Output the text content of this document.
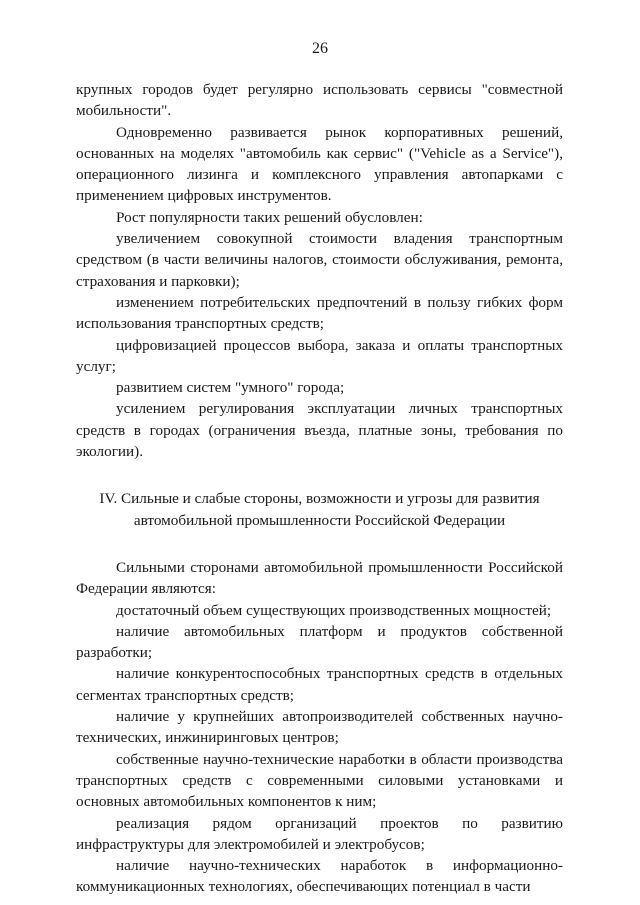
26

крупных городов будет регулярно использовать сервисы "совместной мобильности".

Одновременно развивается рынок корпоративных решений, основанных на моделях "автомобиль как сервис" ("Vehicle as a Service"), операционного лизинга и комплексного управления автопарками с применением цифровых инструментов.

Рост популярности таких решений обусловлен:

увеличением совокупной стоимости владения транспортным средством (в части величины налогов, стоимости обслуживания, ремонта, страхования и парковки);

изменением потребительских предпочтений в пользу гибких форм использования транспортных средств;

цифровизацией процессов выбора, заказа и оплаты транспортных услуг;

развитием систем "умного" города;

усилением регулирования эксплуатации личных транспортных средств в городах (ограничения въезда, платные зоны, требования по экологии).

IV. Сильные и слабые стороны, возможности и угрозы для развития
автомобильной промышленности Российской Федерации

Сильными сторонами автомобильной промышленности Российской Федерации являются:

достаточный объем существующих производственных мощностей;

наличие автомобильных платформ и продуктов собственной разработки;

наличие конкурентоспособных транспортных средств в отдельных сегментах транспортных средств;

наличие у крупнейших автопроизводителей собственных научно-технических, инжиниринговых центров;

собственные научно-технические наработки в области производства транспортных средств с современными силовыми установками и основных автомобильных компонентов к ним;

реализация рядом организаций проектов по развитию инфраструктуры для электромобилей и электробусов;

наличие научно-технических наработок в информационно-коммуникационных технологиях, обеспечивающих потенциал в части
